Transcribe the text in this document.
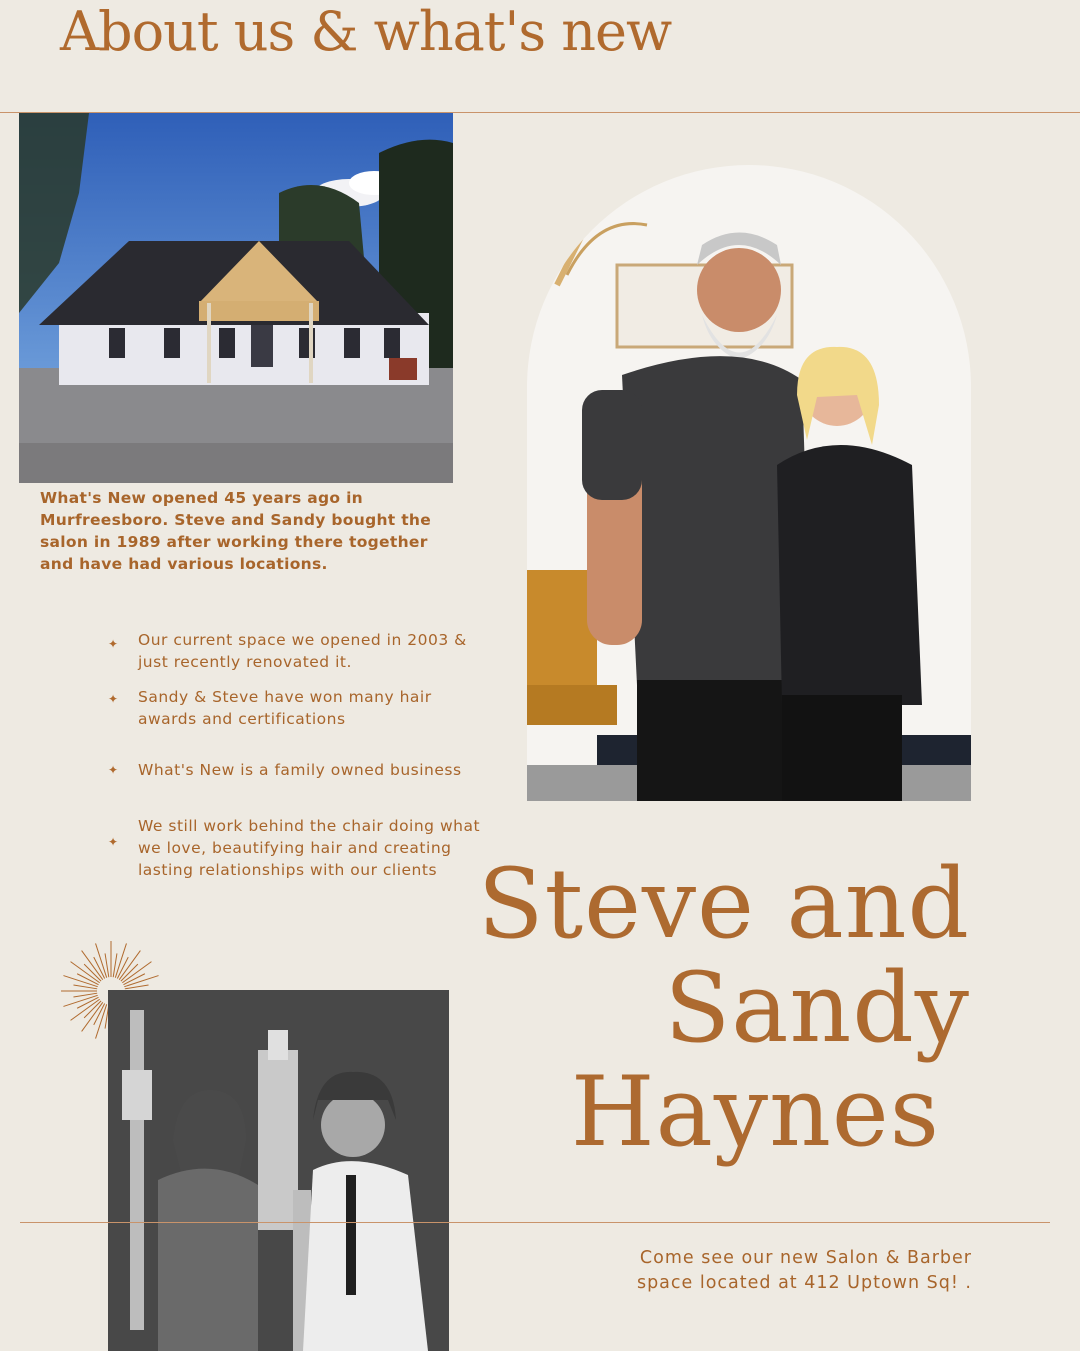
About us & what's new
What's New opened 45 years ago in Murfreesboro. Steve and Sandy bought the salon in 1989 after working there together and have had various locations.
✦ Our current space we opened in 2003 & just recently renovated it.
✦ Sandy & Steve have won many hair awards and certifications
✦ What's New is a family owned business
✦
We still work behind the chair doing what we love, beautifying hair and creating lasting relationships with our clients Steve and
Sandy
Haynes
Come see our new Salon & Barber space located at 412 Uptown Sq! .
